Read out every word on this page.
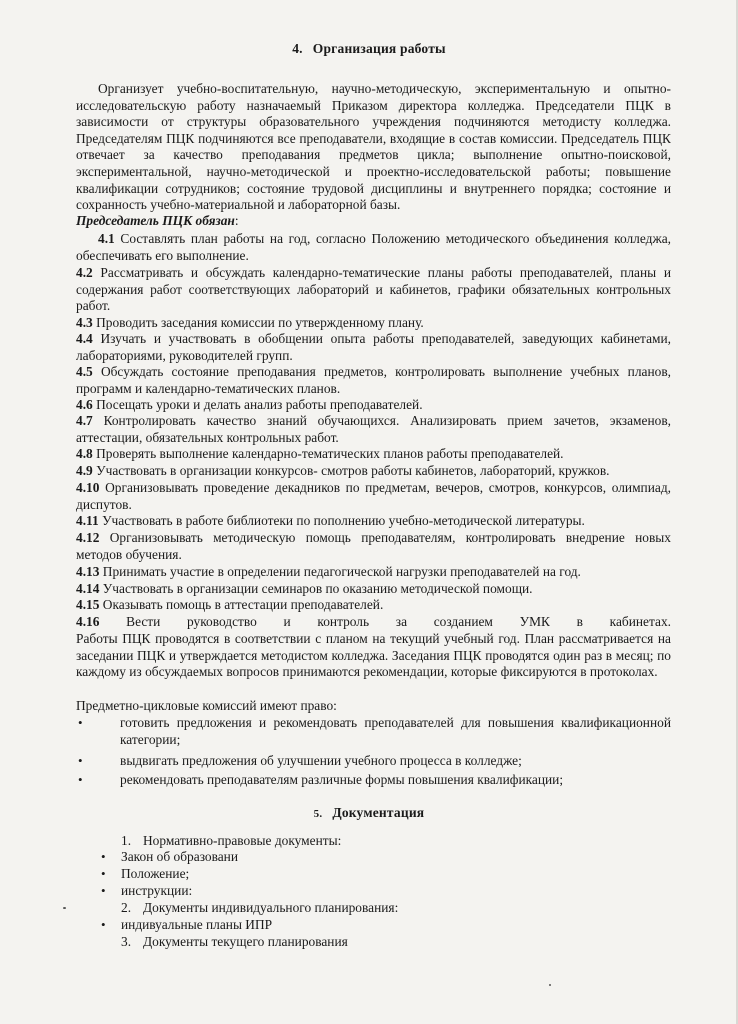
4. Организация работы
Организует учебно-воспитательную, научно-методическую, экспериментальную и опытно-исследовательскую работу назначаемый Приказом директора колледжа. Председатели ПЦК в зависимости от структуры образовательного учреждения подчиняются методисту колледжа. Председателям ПЦК подчиняются все преподаватели, входящие в состав комиссии. Председатель ПЦК отвечает за качество преподавания предметов цикла; выполнение опытно-поисковой, экспериментальной, научно-методической и проектно-исследовательской работы; повышение квалификации сотрудников; состояние трудовой дисциплины и внутреннего порядка; состояние и сохранность учебно-материальной и лабораторной базы.
Председатель ПЦК обязан:
4.1 Составлять план работы на год, согласно Положению методического объединения колледжа, обеспечивать его выполнение.
4.2 Рассматривать и обсуждать календарно-тематические планы работы преподавателей, планы и содержания работ соответствующих лабораторий и кабинетов, графики обязательных контрольных работ.
4.3 Проводить заседания комиссии по утвержденному плану.
4.4 Изучать и участвовать в обобщении опыта работы преподавателей, заведующих кабинетами, лабораториями, руководителей групп.
4.5 Обсуждать состояние преподавания предметов, контролировать выполнение учебных планов, программ и календарно-тематических планов.
4.6 Посещать уроки и делать анализ работы преподавателей.
4.7 Контролировать качество знаний обучающихся. Анализировать прием зачетов, экзаменов, аттестации, обязательных контрольных работ.
4.8 Проверять выполнение календарно-тематических планов работы преподавателей.
4.9 Участвовать в организации конкурсов- смотров работы кабинетов, лабораторий, кружков.
4.10 Организовывать проведение декадников по предметам, вечеров, смотров, конкурсов, олимпиад, диспутов.
4.11 Участвовать в работе библиотеки по пополнению учебно-методической литературы.
4.12 Организовывать методическую помощь преподавателям, контролировать внедрение новых методов обучения.
4.13 Принимать участие в определении педагогической нагрузки преподавателей на год.
4.14 Участвовать в организации семинаров по оказанию методической помощи.
4.15 Оказывать помощь в аттестации преподавателей.
4.16 Вести руководство и контроль за созданием УМК в кабинетах.
Работы ПЦК проводятся в соответствии с планом на текущий учебный год. План рассматривается на заседании ПЦК и утверждается методистом колледжа. Заседания ПЦК проводятся один раз в месяц; по каждому из обсуждаемых вопросов принимаются рекомендации, которые фиксируются в протоколах.
Предметно-цикловые комиссий имеют право:
•	готовить предложения и рекомендовать преподавателей для повышения квалификационной категории;
•	выдвигать предложения об улучшении учебного процесса в колледже;
•	рекомендовать преподавателям различные формы повышения квалификации;
5. Документация
1. Нормативно-правовые документы:
• Закон об образовани
• Положение;
• инструкции:
2. Документы индивидуального планирования:
• индивуальные планы ИПР
3. Документы текущего планирования
